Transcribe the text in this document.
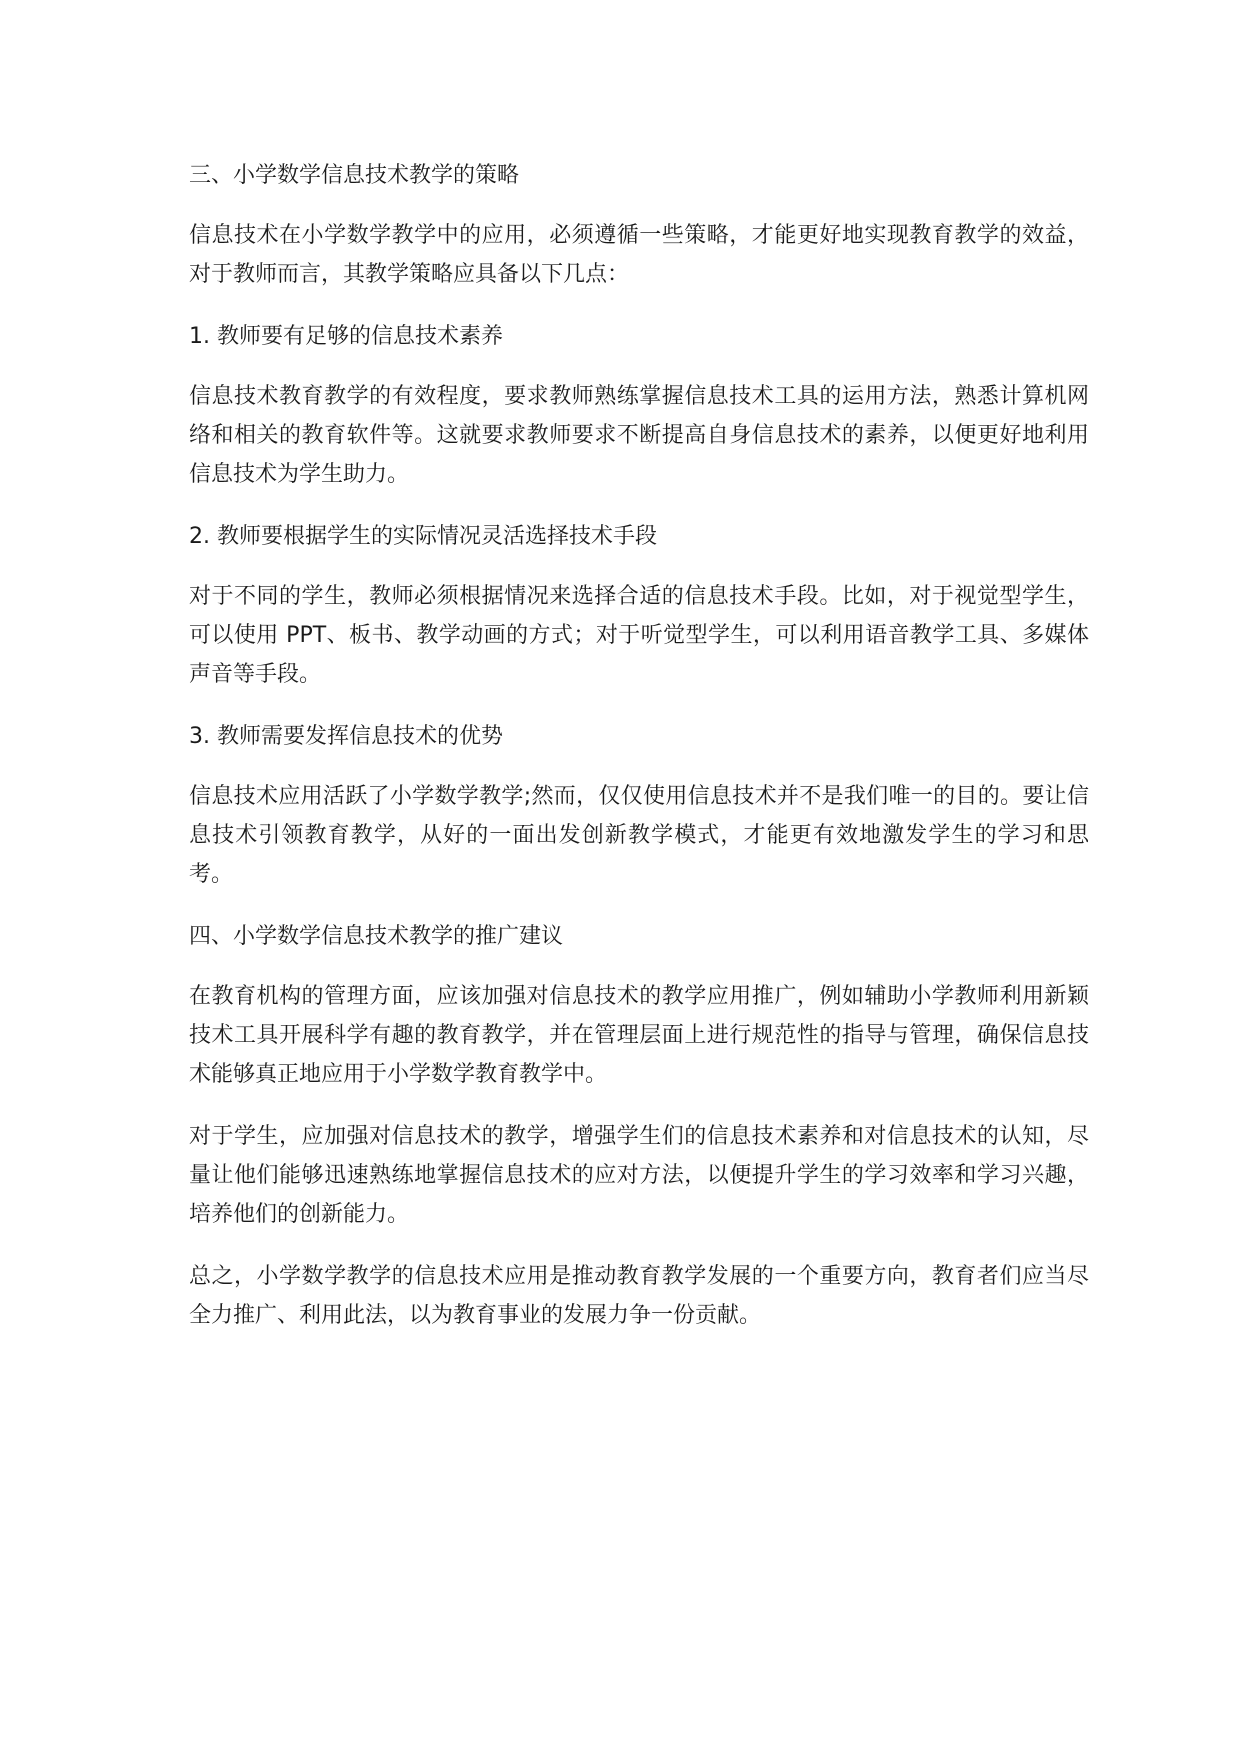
三、小学数学信息技术教学的策略

信息技术在小学数学教学中的应用，必须遵循一些策略，才能更好地实现教育教学的效益，对于教师而言，其教学策略应具备以下几点：

1. 教师要有足够的信息技术素养

信息技术教育教学的有效程度，要求教师熟练掌握信息技术工具的运用方法，熟悉计算机网络和相关的教育软件等。这就要求教师要求不断提高自身信息技术的素养，以便更好地利用信息技术为学生助力。

2. 教师要根据学生的实际情况灵活选择技术手段

对于不同的学生，教师必须根据情况来选择合适的信息技术手段。比如，对于视觉型学生，可以使用 PPT、板书、教学动画的方式；对于听觉型学生，可以利用语音教学工具、多媒体声音等手段。

3. 教师需要发挥信息技术的优势

信息技术应用活跃了小学数学教学;然而，仅仅使用信息技术并不是我们唯一的目的。要让信息技术引领教育教学，从好的一面出发创新教学模式，才能更有效地激发学生的学习和思考。

四、小学数学信息技术教学的推广建议

在教育机构的管理方面，应该加强对信息技术的教学应用推广，例如辅助小学教师利用新颖技术工具开展科学有趣的教育教学，并在管理层面上进行规范性的指导与管理，确保信息技术能够真正地应用于小学数学教育教学中。

对于学生，应加强对信息技术的教学，增强学生们的信息技术素养和对信息技术的认知，尽量让他们能够迅速熟练地掌握信息技术的应对方法，以便提升学生的学习效率和学习兴趣，培养他们的创新能力。

总之，小学数学教学的信息技术应用是推动教育教学发展的一个重要方向，教育者们应当尽全力推广、利用此法，以为教育事业的发展力争一份贡献。
